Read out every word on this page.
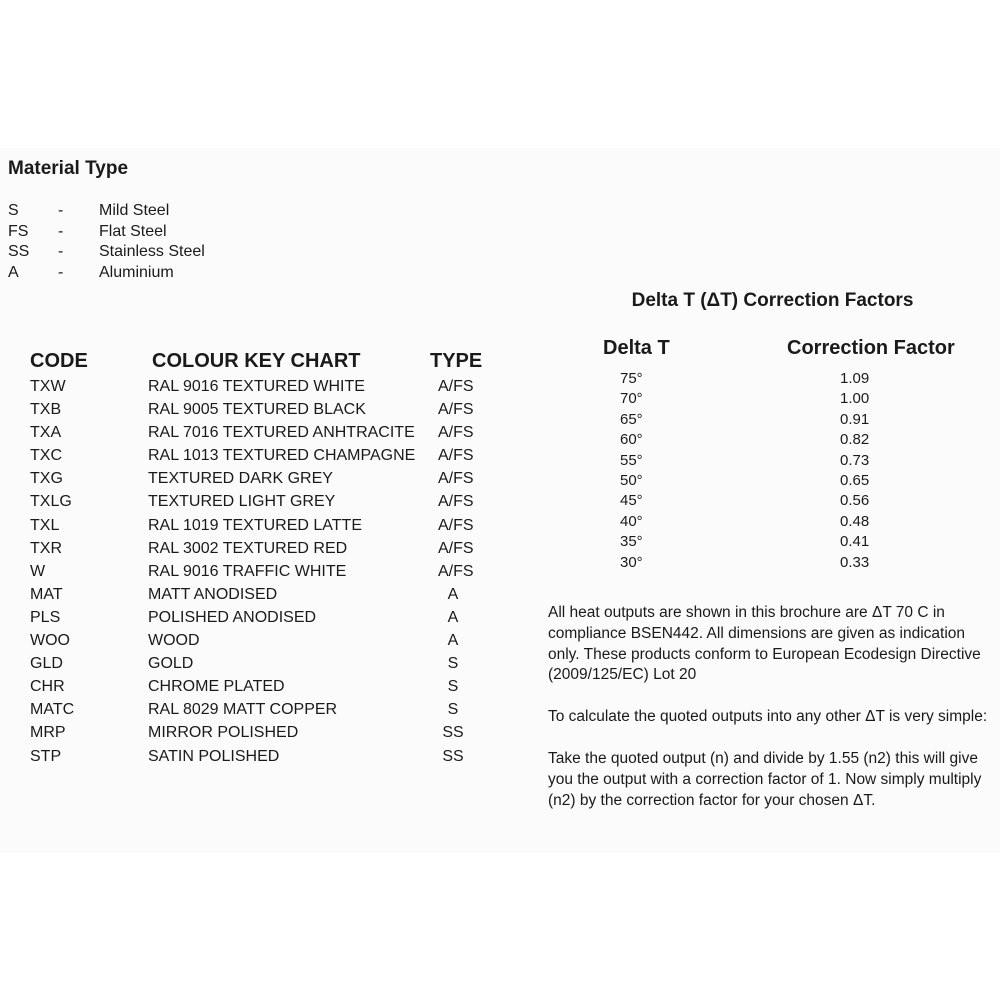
Material Type
S - Mild Steel
FS - Flat Steel
SS - Stainless Steel
A - Aluminium
CODE	COLOUR KEY CHART	TYPE
TXW	RAL 9016 TEXTURED WHITE	A/FS
TXB	RAL 9005 TEXTURED BLACK	A/FS
TXA	RAL 7016 TEXTURED ANHTRACITE A/FS
TXC	RAL 1013 TEXTURED CHAMPAGNE A/FS
TXG	TEXTURED DARK GREY	A/FS
TXLG	TEXTURED LIGHT GREY	A/FS
TXL	RAL 1019 TEXTURED LATTE	A/FS
TXR	RAL 3002 TEXTURED RED	A/FS
W	RAL 9016 TRAFFIC WHITE	A/FS
MAT	MATT ANODISED	A
PLS	POLISHED ANODISED	A
WOO	WOOD	A
GLD	GOLD	S
CHR	CHROME PLATED	S
MATC	RAL 8029 MATT COPPER	S
MRP	MIRROR POLISHED	SS
STP	SATIN POLISHED	SS
Delta T (ΔT) Correction Factors
Delta T	Correction Factor
75°	1.09
70°	1.00
65°	0.91
60°	0.82
55°	0.73
50°	0.65
45°	0.56
40°	0.48
35°	0.41
30°	0.33

All heat outputs are shown in this brochure are ΔT 70 C in compliance BSEN442. All dimensions are given as indication only. These products conform to European Ecodesign Directive (2009/125/EC) Lot 20

To calculate the quoted outputs into any other ΔT is very simple:

Take the quoted output (n) and divide by 1.55 (n2) this will give you the output with a correction factor of 1. Now simply multiply (n2) by the correction factor for your chosen ΔT.
